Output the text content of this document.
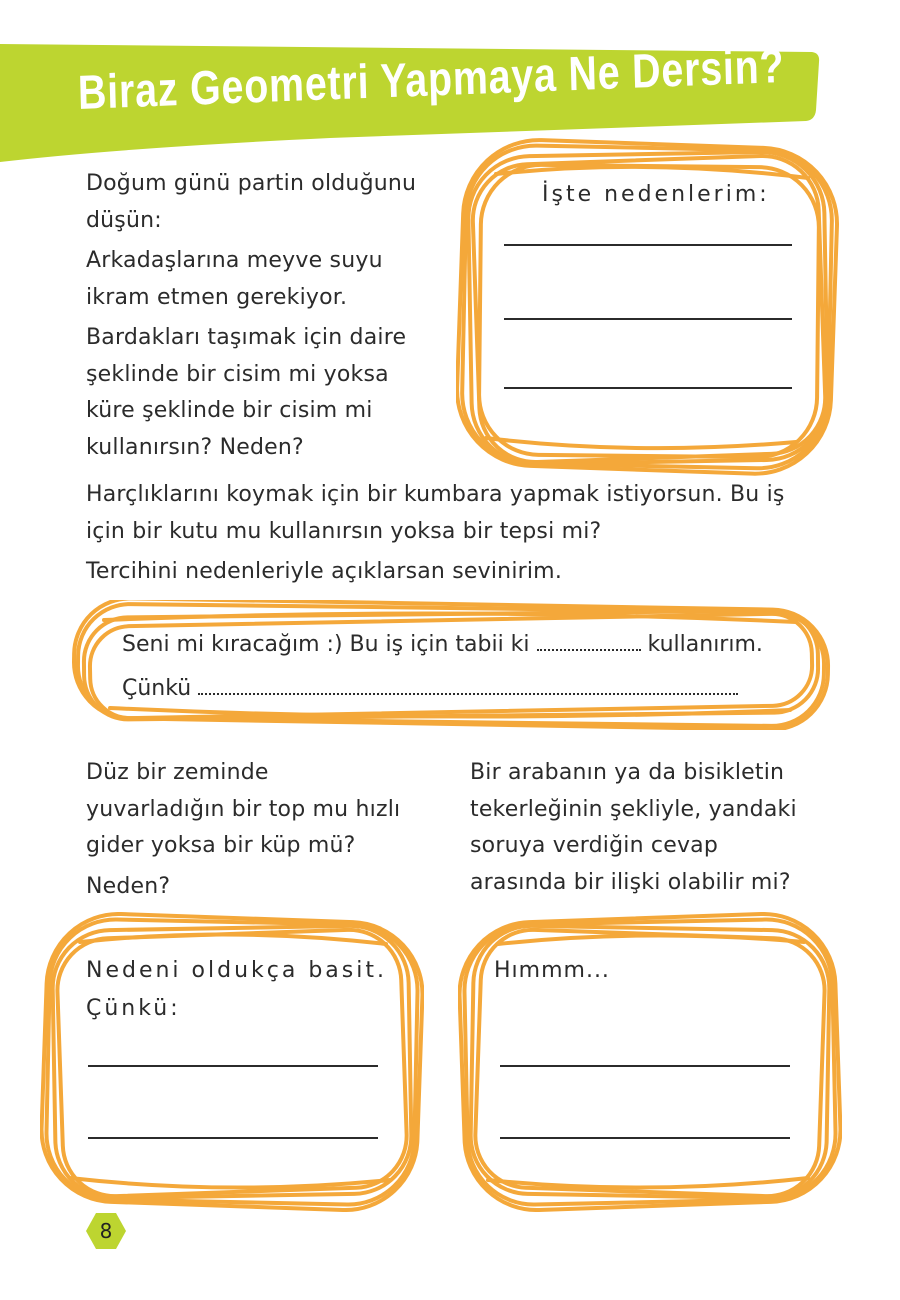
Biraz Geometri Yapmaya Ne Dersin?

Doğum günü partin olduğunu

düşün:

Arkadaşlarına meyve suyu

ikram etmen gerekiyor.

Bardakları taşımak için daire

şeklinde bir cisim mi yoksa

küre şeklinde bir cisim mi

kullanırsın? Neden?

İşte nedenlerim:

Harçlıklarını koymak için bir kumbara yapmak istiyorsun. Bu iş

için bir kutu mu kullanırsın yoksa bir tepsi mi?

Tercihini nedenleriyle açıklarsan sevinirim.

Seni mi kıracağım :) Bu iş için tabii ki	kullanırım.
Çünkü

Düz bir zeminde

yuvarladığın bir top mu hızlı

gider yoksa bir küp mü?

Neden?

Bir arabanın ya da bisikletin

tekerleğinin şekliyle, yandaki

soruya verdiğin cevap

arasında bir ilişki olabilir mi?

Nedeni oldukça basit.
Çünkü:
Hımmm...
8
